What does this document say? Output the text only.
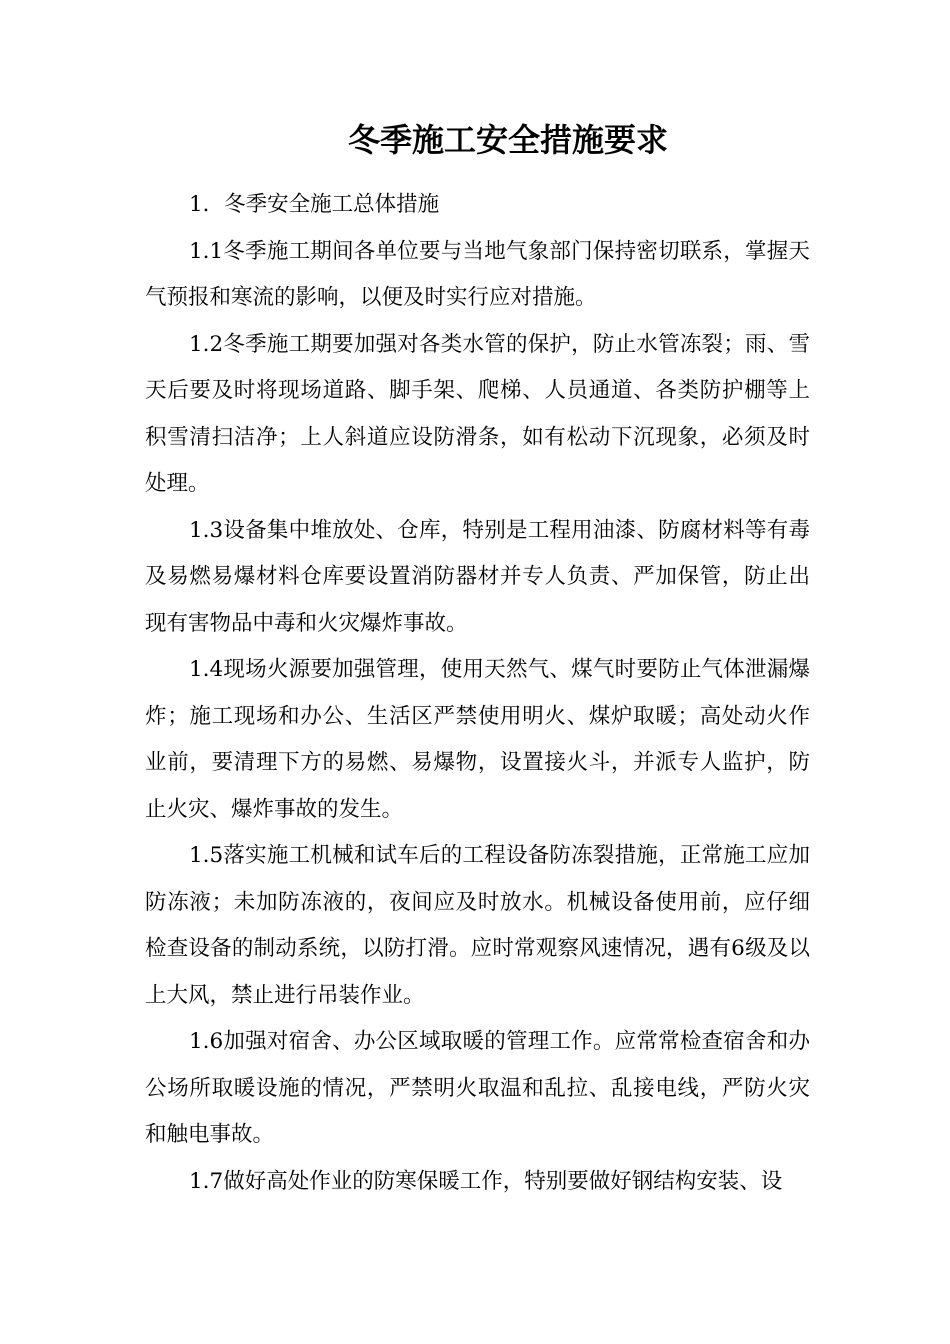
冬季施工安全措施要求

1．冬季安全施工总体措施

1.1冬季施工期间各单位要与当地气象部门保持密切联系，掌握天气预报和寒流的影响，以便及时实行应对措施。

1.2冬季施工期要加强对各类水管的保护，防止水管冻裂；雨、雪天后要及时将现场道路、脚手架、爬梯、人员通道、各类防护棚等上积雪清扫洁净；上人斜道应设防滑条，如有松动下沉现象，必须及时处理。

1.3设备集中堆放处、仓库，特别是工程用油漆、防腐材料等有毒及易燃易爆材料仓库要设置消防器材并专人负责、严加保管，防止出现有害物品中毒和火灾爆炸事故。

1.4现场火源要加强管理，使用天然气、煤气时要防止气体泄漏爆炸；施工现场和办公、生活区严禁使用明火、煤炉取暖；高处动火作业前，要清理下方的易燃、易爆物，设置接火斗，并派专人监护，防止火灾、爆炸事故的发生。

1.5落实施工机械和试车后的工程设备防冻裂措施，正常施工应加防冻液；未加防冻液的，夜间应及时放水。机械设备使用前，应仔细检查设备的制动系统，以防打滑。应时常观察风速情况，遇有6级及以上大风，禁止进行吊装作业。

1.6加强对宿舍、办公区域取暖的管理工作。应常常检查宿舍和办公场所取暖设施的情况，严禁明火取温和乱拉、乱接电线，严防火灾和触电事故。

1.7做好高处作业的防寒保暖工作，特别要做好钢结构安装、设
